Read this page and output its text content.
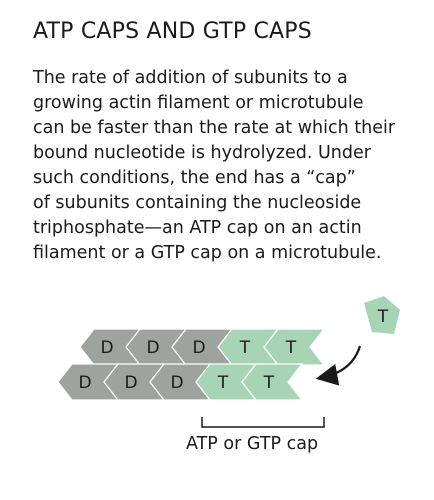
ATP CAPS AND GTP CAPS

The rate of addition of subunits to a
growing actin filament or microtubule
can be faster than the rate at which their
bound nucleotide is hydrolyzed. Under
such conditions, the end has a “cap”
of subunits containing the nucleoside
triphosphate—an ATP cap on an actin
filament or a GTP cap on a microtubule.

D D D T T
D D D T T
T
ATP or GTP cap
